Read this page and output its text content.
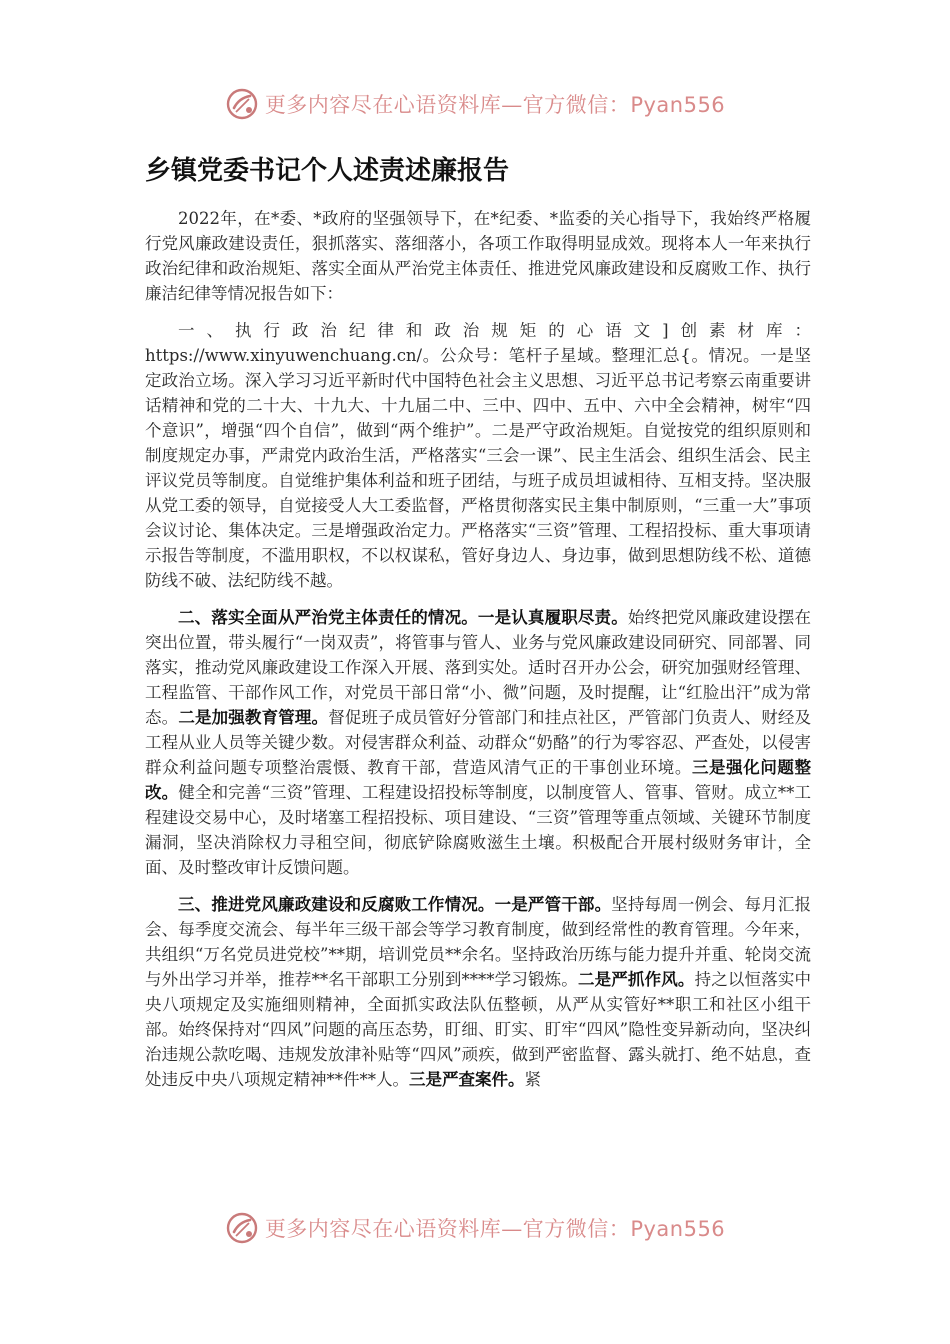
更多内容尽在心语资料库—官方微信：Pyan556
乡镇党委书记个人述责述廉报告

2022年，在*委、*政府的坚强领导下，在*纪委、*监委的关心指导下，我始终严格履行党风廉政建设责任，狠抓落实、落细落小，各项工作取得明显成效。现将本人一年来执行政治纪律和政治规矩、落实全面从严治党主体责任、推进党风廉政建设和反腐败工作、执行廉洁纪律等情况报告如下：

一、执行政治纪律和政治规矩的心语文]创素材库：https://www.xinyuwenchuang.cn/。公众号：笔杆子星域。整理汇总{。情况。一是坚定政治立场。深入学习习近平新时代中国特色社会主义思想、习近平总书记考察云南重要讲话精神和党的二十大、十九大、十九届二中、三中、四中、五中、六中全会精神，树牢“四个意识”，增强“四个自信”，做到“两个维护”。二是严守政治规矩。自觉按党的组织原则和制度规定办事，严肃党内政治生活，严格落实“三会一课”、民主生活会、组织生活会、民主评议党员等制度。自觉维护集体利益和班子团结，与班子成员坦诚相待、互相支持。坚决服从党工委的领导，自觉接受人大工委监督，严格贯彻落实民主集中制原则，“三重一大”事项会议讨论、集体决定。三是增强政治定力。严格落实“三资”管理、工程招投标、重大事项请示报告等制度，不滥用职权，不以权谋私，管好身边人、身边事，做到思想防线不松、道德防线不破、法纪防线不越。

二、落实全面从严治党主体责任的情况。一是认真履职尽责。始终把党风廉政建设摆在突出位置，带头履行“一岗双责”，将管事与管人、业务与党风廉政建设同研究、同部署、同落实，推动党风廉政建设工作深入开展、落到实处。适时召开办公会，研究加强财经管理、工程监管、干部作风工作，对党员干部日常“小、微”问题，及时提醒，让“红脸出汗”成为常态。二是加强教育管理。督促班子成员管好分管部门和挂点社区，严管部门负责人、财经及工程从业人员等关键少数。对侵害群众利益、动群众“奶酪”的行为零容忍、严查处，以侵害群众利益问题专项整治震慑、教育干部，营造风清气正的干事创业环境。三是强化问题整改。健全和完善“三资”管理、工程建设招投标等制度，以制度管人、管事、管财。成立**工程建设交易中心，及时堵塞工程招投标、项目建设、“三资”管理等重点领域、关键环节制度漏洞，坚决消除权力寻租空间，彻底铲除腐败滋生土壤。积极配合开展村级财务审计，全面、及时整改审计反馈问题。

三、推进党风廉政建设和反腐败工作情况。一是严管干部。坚持每周一例会、每月汇报会、每季度交流会、每半年三级干部会等学习教育制度，做到经常性的教育管理。今年来，共组织“万名党员进党校”**期，培训党员**余名。坚持政治历练与能力提升并重、轮岗交流与外出学习并举，推荐**名干部职工分别到****学习锻炼。二是严抓作风。持之以恒落实中央八项规定及实施细则精神，全面抓实政法队伍整顿，从严从实管好**职工和社区小组干部。始终保持对“四风”问题的高压态势，盯细、盯实、盯牢“四风”隐性变异新动向，坚决纠治违规公款吃喝、违规发放津补贴等“四风”顽疾，做到严密监督、露头就打、绝不姑息，查处违反中央八项规定精神**件**人。三是严查案件。紧

更多内容尽在心语资料库—官方微信：Pyan556
